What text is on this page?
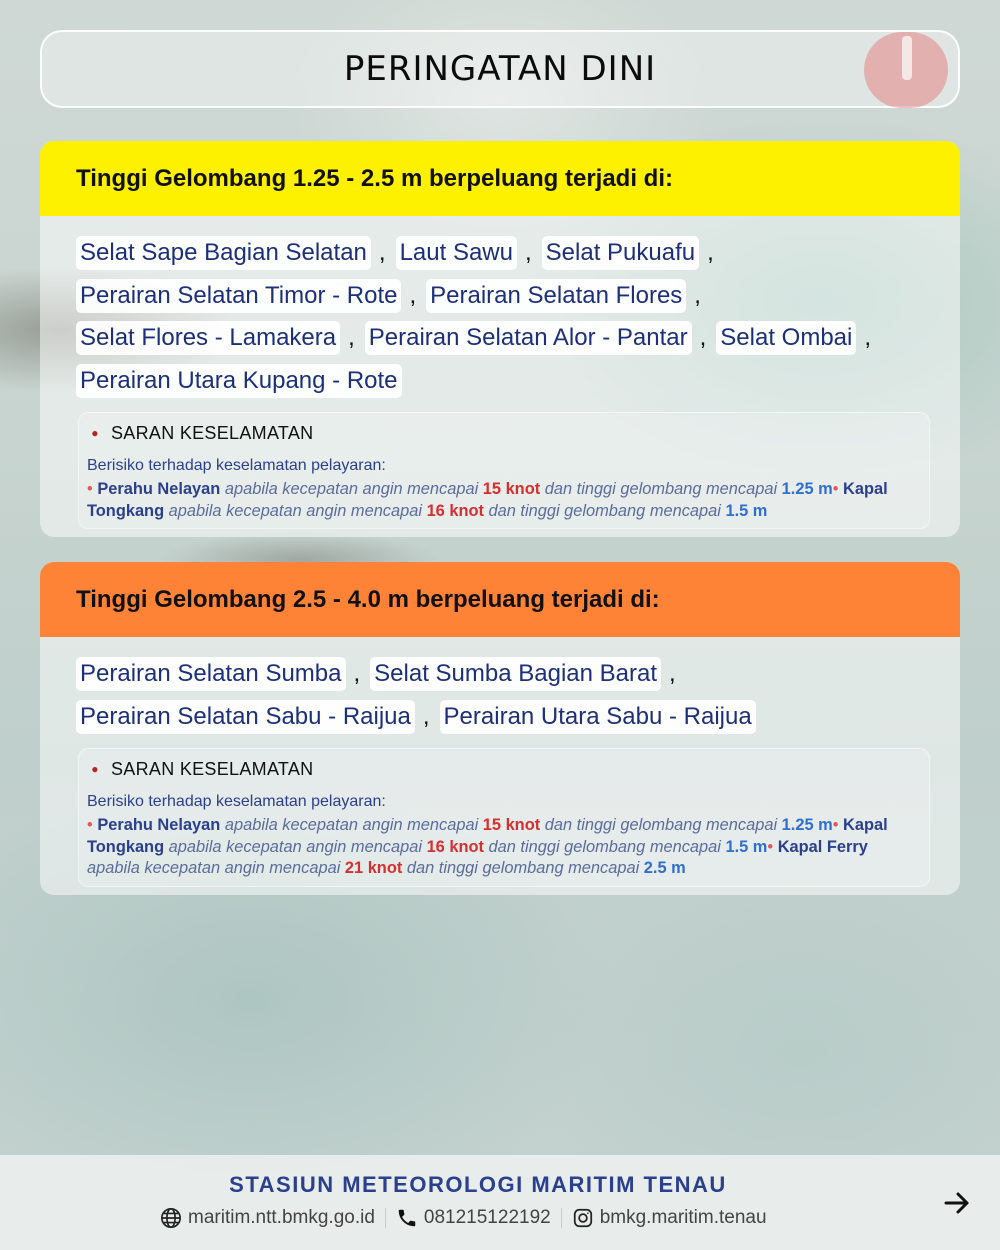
PERINGATAN DINI
Tinggi Gelombang 1.25 - 2.5 m berpeluang terjadi di:
Selat Sape Bagian Selatan , Laut Sawu , Selat Pukuafu ,
Perairan Selatan Timor - Rote , Perairan Selatan Flores ,
Selat Flores - Lamakera , Perairan Selatan Alor - Pantar , Selat Ombai ,
Perairan Utara Kupang - Rote
● SARAN KESELAMATAN
Berisiko terhadap keselamatan pelayaran:
• Perahu Nelayan apabila kecepatan angin mencapai 15 knot dan tinggi gelombang mencapai 1.25 m• Kapal Tongkang apabila kecepatan angin mencapai 16 knot dan tinggi gelombang mencapai 1.5 m
Tinggi Gelombang 2.5 - 4.0 m berpeluang terjadi di:
Perairan Selatan Sumba , Selat Sumba Bagian Barat ,
Perairan Selatan Sabu - Raijua , Perairan Utara Sabu - Raijua
● SARAN KESELAMATAN
Berisiko terhadap keselamatan pelayaran:
• Perahu Nelayan apabila kecepatan angin mencapai 15 knot dan tinggi gelombang mencapai 1.25 m• Kapal Tongkang apabila kecepatan angin mencapai 16 knot dan tinggi gelombang mencapai 1.5 m• Kapal Ferry apabila kecepatan angin mencapai 21 knot dan tinggi gelombang mencapai 2.5 m
STASIUN METEOROLOGI MARITIM TENAU
maritim.ntt.bmkg.go.id	081215122192	bmkg.maritim.tenau
